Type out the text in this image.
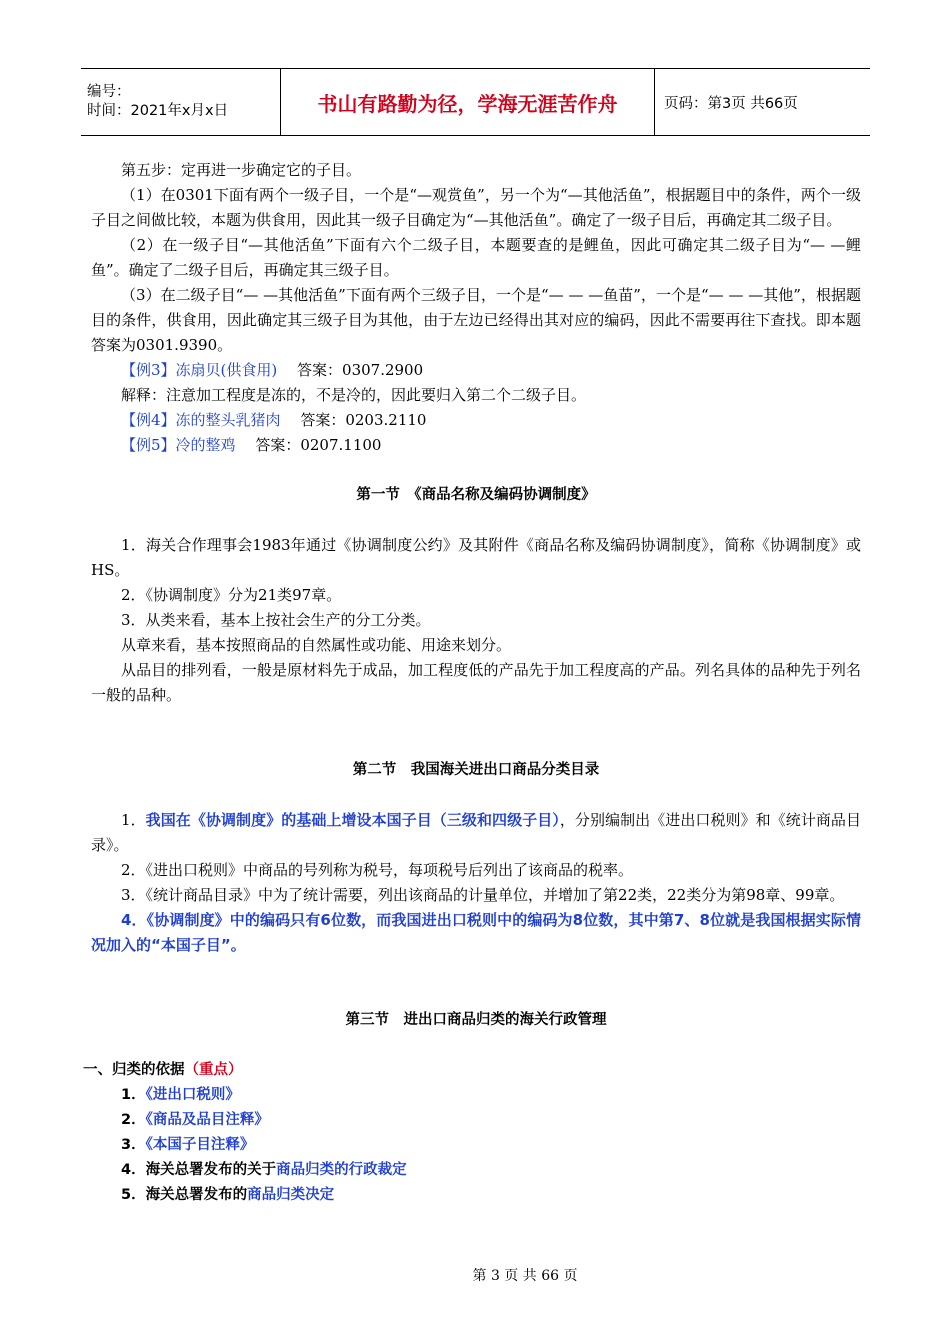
编号：
时间：2021年x月x日	书山有路勤为径，学海无涯苦作舟	页码：第3页 共66页
第五步：定再进一步确定它的子目。
（1）在0301下面有两个一级子目，一个是“—观赏鱼”，另一个为“—其他活鱼”，根据题目中的条件，两个一级子目之间做比较，本题为供食用，因此其一级子目确定为“—其他活鱼”。确定了一级子目后，再确定其二级子目。
（2）在一级子目“—其他活鱼”下面有六个二级子目，本题要查的是鲤鱼，因此可确定其二级子目为“— —鲤鱼”。确定了二级子目后，再确定其三级子目。
（3）在二级子目“— —其他活鱼”下面有两个三级子目，一个是“— — —鱼苗”，一个是“— — —其他”，根据题目的条件，供食用，因此确定其三级子目为其他，由于左边已经得出其对应的编码，因此不需要再往下查找。即本题答案为0301.9390。
【例3】冻扇贝(供食用)　 答案：0307.2900
解释：注意加工程度是冻的，不是冷的，因此要归入第二个二级子目。
【例4】冻的整头乳猪肉　 答案：0203.2110
【例5】冷的整鸡　 答案：0207.1100
第一节　《商品名称及编码协调制度》
1．海关合作理事会1983年通过《协调制度公约》及其附件《商品名称及编码协调制度》，简称《协调制度》或HS。
2．《协调制度》分为21类97章。
3．从类来看，基本上按社会生产的分工分类。
从章来看，基本按照商品的自然属性或功能、用途来划分。
从品目的排列看，一般是原材料先于成品，加工程度低的产品先于加工程度高的产品。列名具体的品种先于列名一般的品种。
第二节　我国海关进出口商品分类目录
1．我国在《协调制度》的基础上增设本国子目（三级和四级子目），分别编制出《进出口税则》和《统计商品目录》。
2．《进出口税则》中商品的号列称为税号，每项税号后列出了该商品的税率。
3．《统计商品目录》中为了统计需要，列出该商品的计量单位，并增加了第22类，22类分为第98章、99章。
4．《协调制度》中的编码只有6位数，而我国进出口税则中的编码为8位数，其中第7、8位就是我国根据实际情况加入的“本国子目”。
第三节　进出口商品归类的海关行政管理
一、归类的依据（重点）
1．《进出口税则》
2．《商品及品目注释》
3．《本国子目注释》
4．海关总署发布的关于商品归类的行政裁定
5．海关总署发布的商品归类决定
第 3 页 共 66 页
